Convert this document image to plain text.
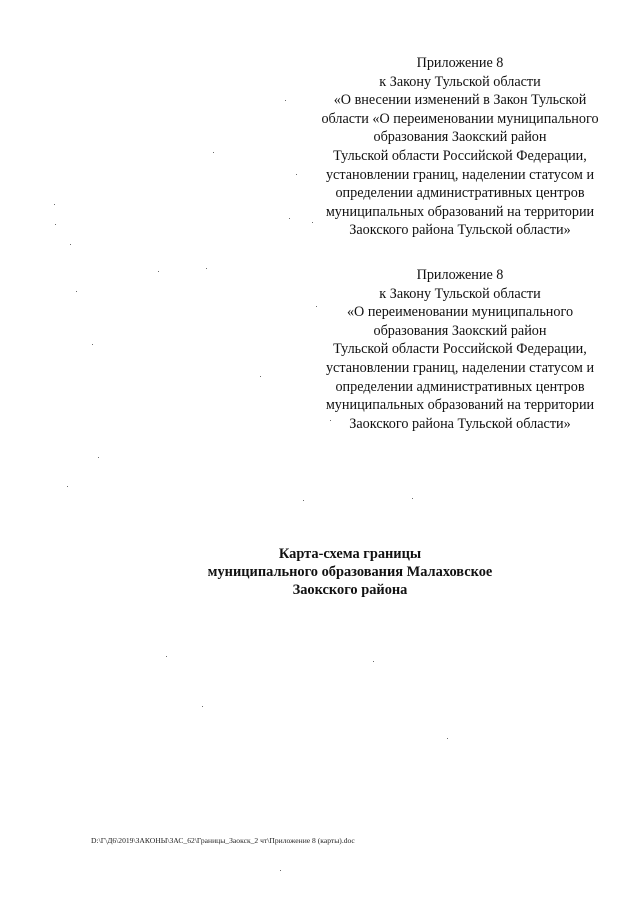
Приложение 8
к Закону Тульской области
«О внесении изменений в Закон Тульской
области «О переименовании муниципального
образования Заокский район
Тульской области Российской Федерации,
установлении границ, наделении статусом и
определении административных центров
муниципальных образований на территории
Заокского района Тульской области»
Приложение 8
к Закону Тульской области
«О переименовании муниципального
образования Заокский район
Тульской области Российской Федерации,
установлении границ, наделении статусом и
определении административных центров
муниципальных образований на территории
Заокского района Тульской области»
Карта-схема границы
муниципального образования Малаховское
Заокского района
D:\Г\Д6\2019\ЗАКОНЫ\ЗАС_62\Границы_Заокск_2 чт\Приложение 8 (карты).doc
